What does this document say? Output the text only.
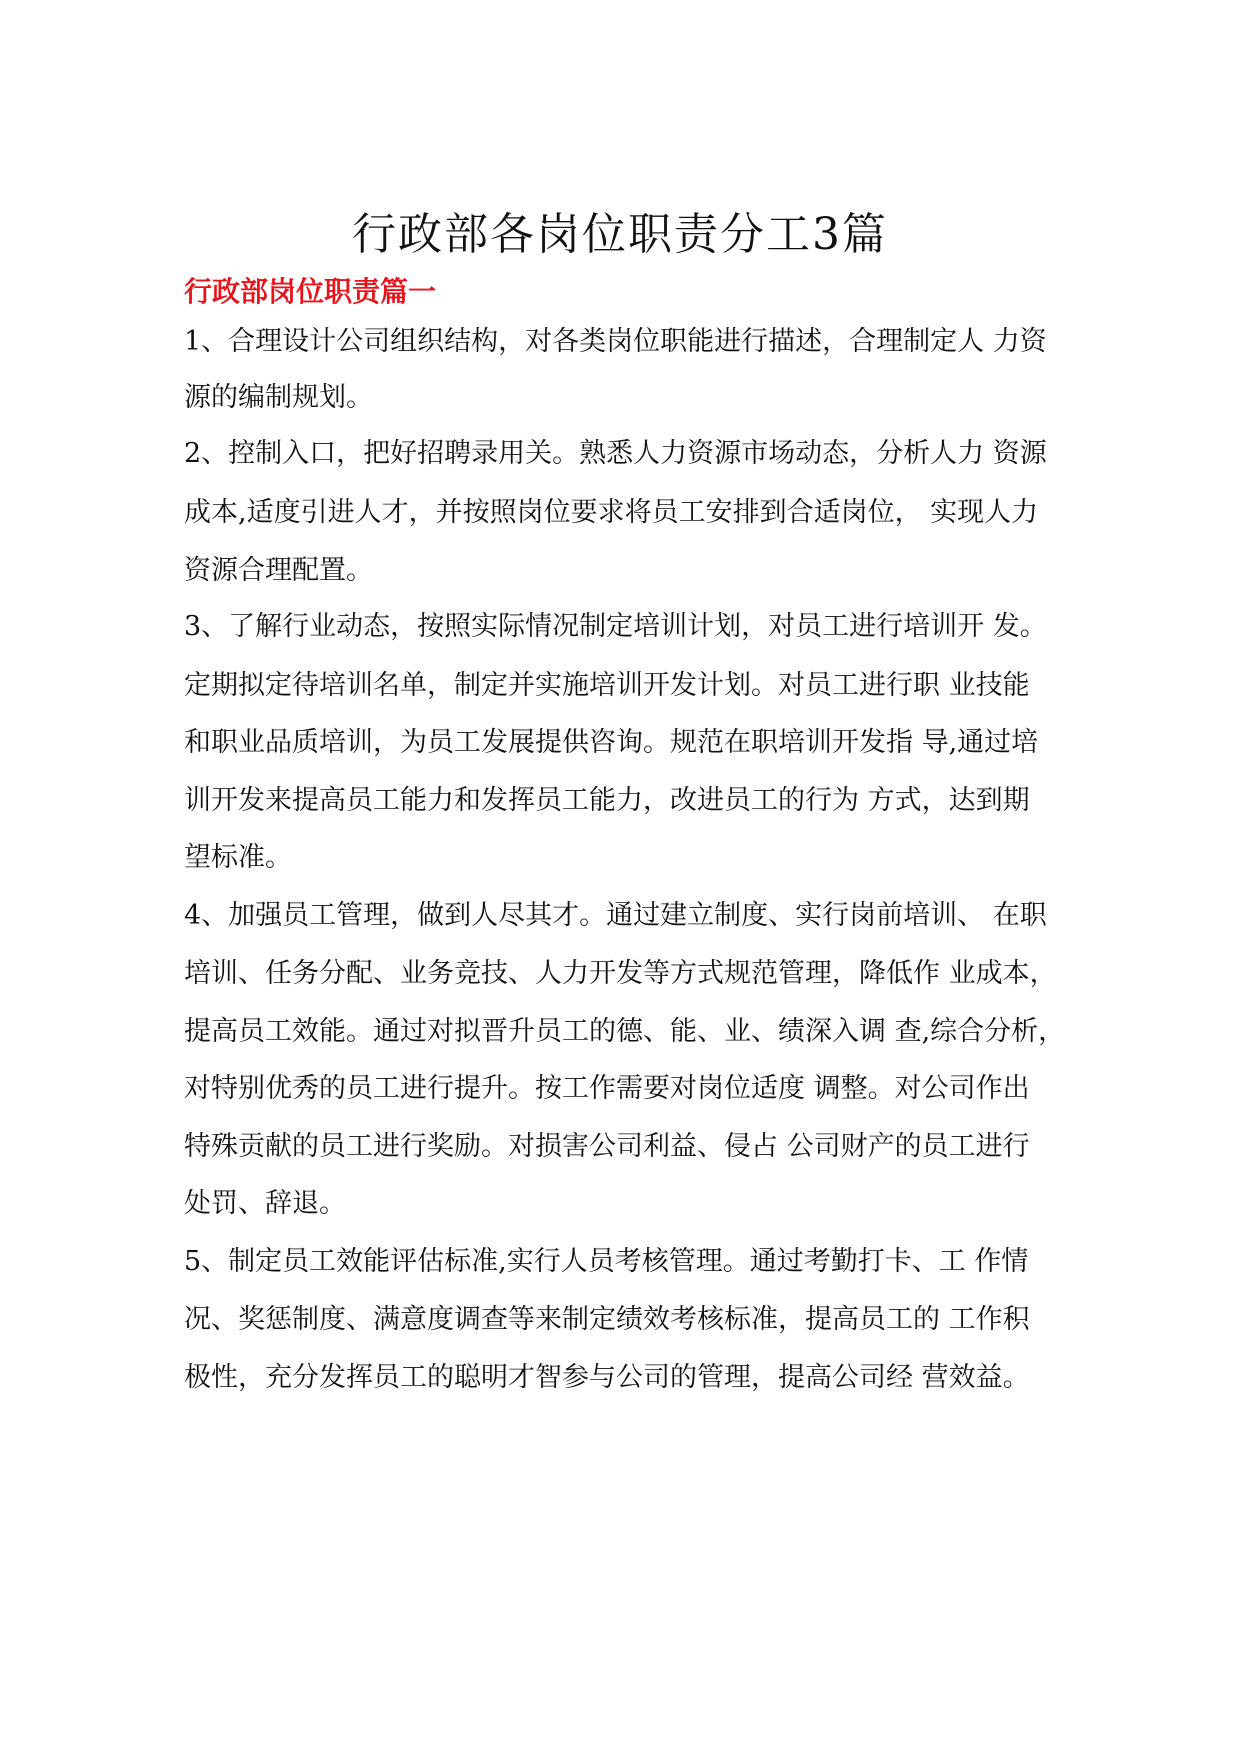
行政部各岗位职责分工3篇
行政部岗位职责篇一
1、合理设计公司组织结构，对各类岗位职能进行描述，合理制定人 力资
源的编制规划。
2、控制入口，把好招聘录用关。熟悉人力资源市场动态，分析人力 资源
成本,适度引进人才，并按照岗位要求将员工安排到合适岗位， 实现人力
资源合理配置。
3、了解行业动态，按照实际情况制定培训计划，对员工进行培训开 发。
定期拟定待培训名单，制定并实施培训开发计划。对员工进行职 业技能
和职业品质培训，为员工发展提供咨询。规范在职培训开发指 导,通过培
训开发来提高员工能力和发挥员工能力，改进员工的行为 方式，达到期
望标准。
4、加强员工管理，做到人尽其才。通过建立制度、实行岗前培训、 在职
培训、任务分配、业务竞技、人力开发等方式规范管理，降低作 业成本，
提高员工效能。通过对拟晋升员工的德、能、业、绩深入调 查,综合分析，
对特别优秀的员工进行提升。按工作需要对岗位适度 调整。对公司作出
特殊贡献的员工进行奖励。对损害公司利益、侵占 公司财产的员工进行
处罚、辞退。
5、制定员工效能评估标准,实行人员考核管理。通过考勤打卡、工 作情
况、奖惩制度、满意度调查等来制定绩效考核标准，提高员工的 工作积
极性，充分发挥员工的聪明才智参与公司的管理，提高公司经 营效益。
